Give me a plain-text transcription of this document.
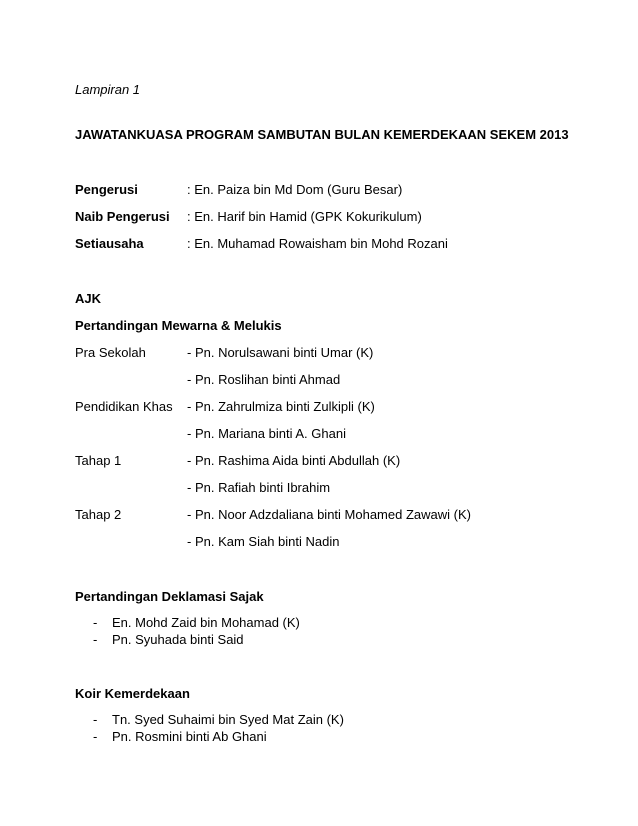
Lampiran 1
JAWATANKUASA PROGRAM SAMBUTAN BULAN KEMERDEKAAN SEKEM 2013
Pengerusi	: En. Paiza bin Md Dom (Guru Besar)
Naib Pengerusi : En. Harif bin Hamid (GPK Kokurikulum)
Setiausaha	: En. Muhamad Rowaisham bin Mohd Rozani
AJK
Pertandingan Mewarna & Melukis
Pra Sekolah	- Pn. Norulsawani binti Umar (K)
- Pn. Roslihan binti Ahmad
Pendidikan Khas - Pn. Zahrulmiza binti Zulkipli (K)
- Pn. Mariana binti A. Ghani
Tahap 1	- Pn. Rashima Aida binti Abdullah (K)
- Pn. Rafiah binti Ibrahim
Tahap 2	- Pn. Noor Adzdaliana binti Mohamed Zawawi (K)
- Pn. Kam Siah binti Nadin
Pertandingan Deklamasi Sajak
- En. Mohd Zaid bin Mohamad (K)
- Pn. Syuhada binti Said
Koir Kemerdekaan
- Tn. Syed Suhaimi bin Syed Mat Zain (K)
- Pn. Rosmini binti Ab Ghani
